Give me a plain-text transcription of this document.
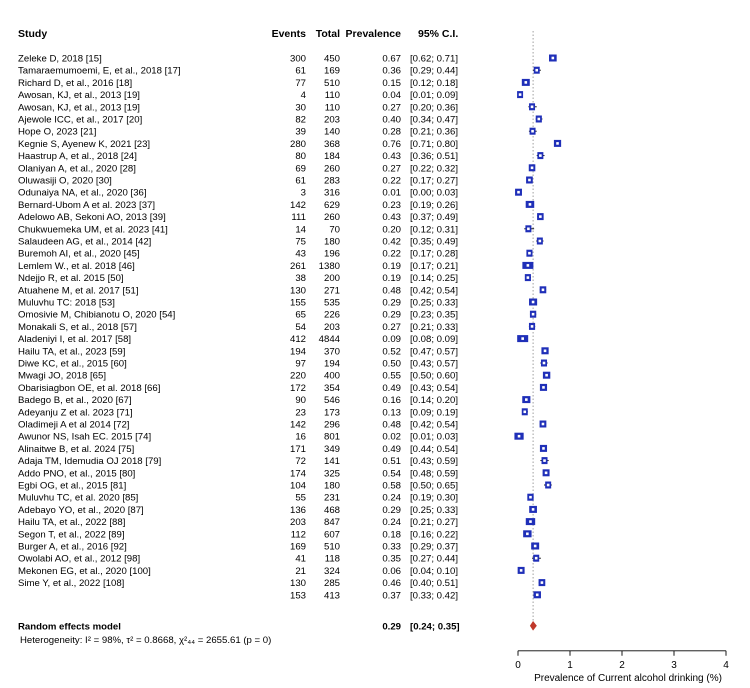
Study	Events Total Prevalence 95% C.I.
Zeleke D, 2018 [15]	300 450	0.67 [0.62; 0.71]
Tamaraemumoemi, E, et al., 2018 [17]	61 169	0.36 [0.29; 0.44]
Richard D, et al., 2016 [18]	77 510	0.15 [0.12; 0.18]
Awosan, KJ, et al., 2013 [19]	4 110	0.04 [0.01; 0.09]
Awosan, KJ, et al., 2013 [19]	30 110	0.27 [0.20; 0.36]
Ajewole ICC, et al., 2017 [20]	82 203	0.40 [0.34; 0.47]
Hope O, 2023 [21]	39 140	0.28 [0.21; 0.36]
Kegnie S, Ayenew K, 2021 [23]	280 368	0.76 [0.71; 0.80]
Haastrup A, et al., 2018 [24]	80 184	0.43 [0.36; 0.51]
Olaniyan A, et al., 2020 [28]	69 260	0.27 [0.22; 0.32]
Oluwasiji O, 2020 [30]	61 283	0.22 [0.17; 0.27]
Odunaiya NA, et al., 2020 [36]	3 316	0.01 [0.00; 0.03]
Bernard-Ubom A et al. 2023 [37]	142 629	0.23 [0.19; 0.26]
Adelowo AB, Sekoni AO, 2013 [39]	111 260	0.43 [0.37; 0.49]
Chukwuemeka UM, et al. 2023 [41]	14 70	0.20 [0.12; 0.31]
Salaudeen AG, et al., 2014 [42]	75 180	0.42 [0.35; 0.49]
Buremoh AI, et al., 2020 [45]	43 196	0.22 [0.17; 0.28]
Lemlem W., et al. 2018 [46]	261 1380	0.19 [0.17; 0.21]
Ndejjo R, et al. 2015 [50]	38 200	0.19 [0.14; 0.25]
Atuahene M, et al. 2017 [51]	130 271	0.48 [0.42; 0.54]
Muluvhu TC: 2018 [53]	155 535	0.29 [0.25; 0.33]
Omosivie M, Chibianotu O, 2020 [54]	65 226	0.29 [0.23; 0.35]
Monakali S, et al., 2018 [57]	54 203	0.27 [0.21; 0.33]
Aladeniyi I, et al. 2017 [58]	412 4844	0.09 [0.08; 0.09]
Hailu TA, et al., 2023 [59]	194 370	0.52 [0.47; 0.57]
Diwe KC, et al., 2015 [60]	97 194	0.50 [0.43; 0.57]
Mwagi JO, 2018 [65]	220 400	0.55 [0.50; 0.60]
Obarisiagbon OE, et al. 2018 [66]	172 354	0.49 [0.43; 0.54]
Badego B, et al., 2020 [67]	90 546	0.16 [0.14; 0.20]
Adeyanju Z et al. 2023 [71]	23 173	0.13 [0.09; 0.19]
Oladimeji A et al 2014 [72]	142 296	0.48 [0.42; 0.54]
Awunor NS, Isah EC. 2015 [74]	16 801	0.02 [0.01; 0.03]
Alinaitwe B, et al. 2024 [75]	171 349	0.49 [0.44; 0.54]
Adaja TM, Idemudia OJ 2018 [79]	72 141	0.51 [0.43; 0.59]
Addo PNO, et al., 2015 [80]	174 325	0.54 [0.48; 0.59]
Egbi OG, et al., 2015 [81]	104 180	0.58 [0.50; 0.65]
Muluvhu TC, et al. 2020 [85]	55 231	0.24 [0.19; 0.30]
Adebayo YO, et al., 2020 [87]	136 468	0.29 [0.25; 0.33]
Hailu TA, et al., 2022 [88]	203 847	0.24 [0.21; 0.27]
Segon T, et al., 2022 [89]	112 607	0.18 [0.16; 0.22]
Burger A, et al., 2016 [92]	169 510	0.33 [0.29; 0.37]
Owolabi AO, et al., 2012 [98]	41 118	0.35 [0.27; 0.44]
Mekonen EG, et al., 2020 [100]	21 324	0.06 [0.04; 0.10]
Sime Y, et al., 2022 [108]	130 285	0.46 [0.40; 0.51]
153 413	0.37 [0.33; 0.42]
Random effects model	0.29 [0.24; 0.35]
Heterogeneity: I² = 98%, τ² = 0.8668, χ²₄₄ = 2655.61 (p = 0)
0	1	2	3	4
Prevalence of Current alcohol drinking (%)
